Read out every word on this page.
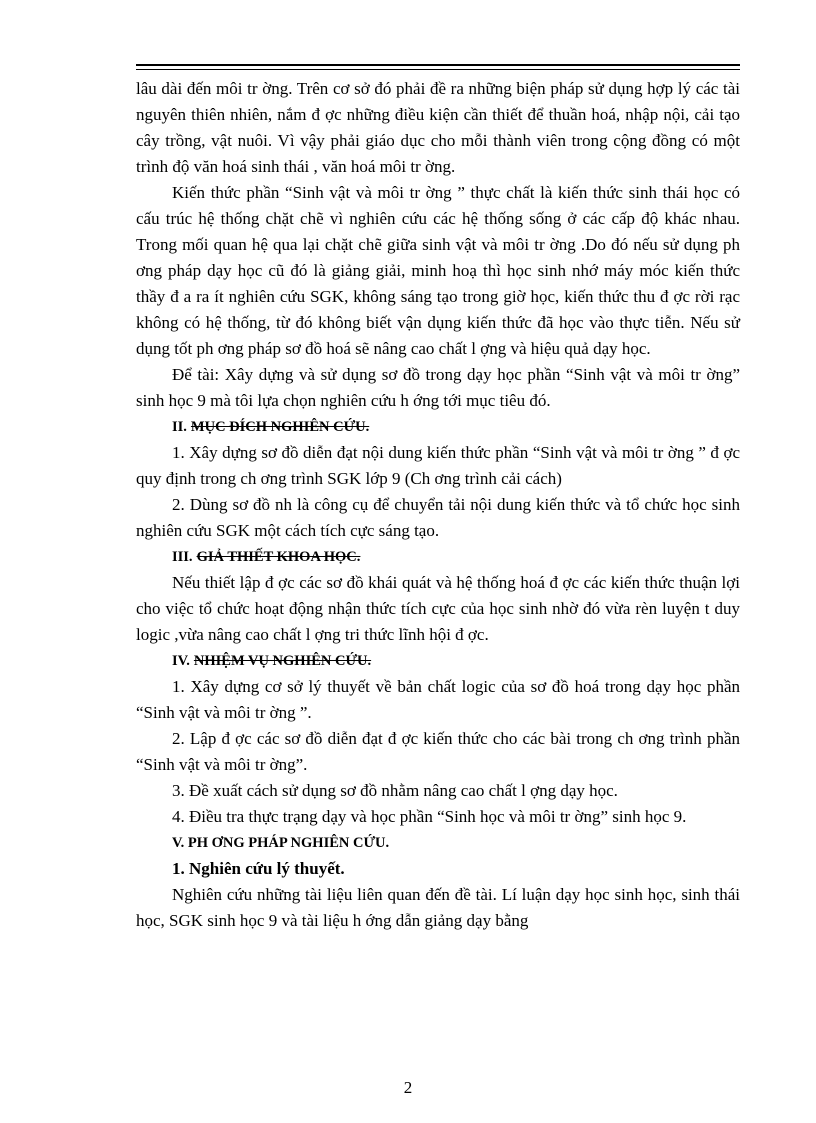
lâu dài đến môi tr ờng. Trên cơ sở đó phải đề ra những biện pháp sử dụng hợp lý các tài nguyên thiên nhiên, nắm đ ợc những điều kiện cần thiết để thuần hoá, nhập nội, cải tạo cây trồng, vật nuôi. Vì vậy phải giáo dục cho mỗi thành viên trong cộng đồng có một trình độ văn hoá sinh thái , văn hoá môi tr ờng.

Kiến thức phần “Sinh vật và môi tr ờng ” thực chất là kiến thức sinh thái học có cấu trúc hệ thống chặt chẽ vì nghiên cứu các hệ thống sống ở các cấp độ khác nhau. Trong mối quan hệ qua lại chặt chẽ giữa sinh vật và môi tr ờng .Do đó nếu sử dụng ph ơng pháp dạy học cũ đó là giảng giải, minh hoạ thì học sinh nhớ máy móc kiến thức thầy đ a ra ít nghiên cứu SGK, không sáng tạo trong giờ học, kiến thức thu đ ợc rời rạc không có hệ thống, từ đó không biết vận dụng kiến thức đã học vào thực tiễn. Nếu sử dụng tốt ph ơng pháp sơ đồ hoá sẽ nâng cao chất l ợng và hiệu quả dạy học.

Để tài: Xây dựng và sử dụng sơ đồ trong dạy học phần “Sinh vật và môi tr ờng” sinh học 9 mà tôi lựa chọn nghiên cứu h ớng tới mục tiêu đó.

II. MỤC ĐÍCH NGHIÊN CỨU.

1. Xây dựng sơ đồ diễn đạt nội dung kiến thức phần “Sinh vật và môi tr ờng ” đ ợc quy định trong ch ơng trình SGK lớp 9 (Ch ơng trình cải cách)

2. Dùng sơ đồ nh là công cụ để chuyển tải nội dung kiến thức và tổ chức học sinh nghiên cứu SGK một cách tích cực sáng tạo.

III. GIẢ THIẾT KHOA HỌC.

Nếu thiết lập đ ợc các sơ đồ khái quát và hệ thống hoá đ ợc các kiến thức thuận lợi cho việc tổ chức hoạt động nhận thức tích cực của học sinh nhờ đó vừa rèn luyện t duy logic ,vừa nâng cao chất l ợng tri thức lĩnh hội đ ợc.

IV. NHIỆM VỤ NGHIÊN CỨU.

1. Xây dựng cơ sở lý thuyết về bản chất logic của sơ đồ hoá trong dạy học phần “Sinh vật và môi tr ờng ”.

2. Lập đ ợc các sơ đồ diễn đạt đ ợc kiến thức cho các bài trong ch ơng trình phần “Sinh vật và môi tr ờng”.

3. Đề xuất cách sử dụng sơ đồ nhằm nâng cao chất l ợng dạy học.

4. Điều tra thực trạng dạy và học phần “Sinh học và môi tr ờng” sinh học 9.

V. PH ƠNG PHÁP NGHIÊN CỨU.

1. Nghiên cứu lý thuyết.

Nghiên cứu những tài liệu liên quan đến đề tài. Lí luận dạy học sinh học, sinh thái học, SGK sinh học 9 và tài liệu h ớng dẫn giảng dạy bằng

2
